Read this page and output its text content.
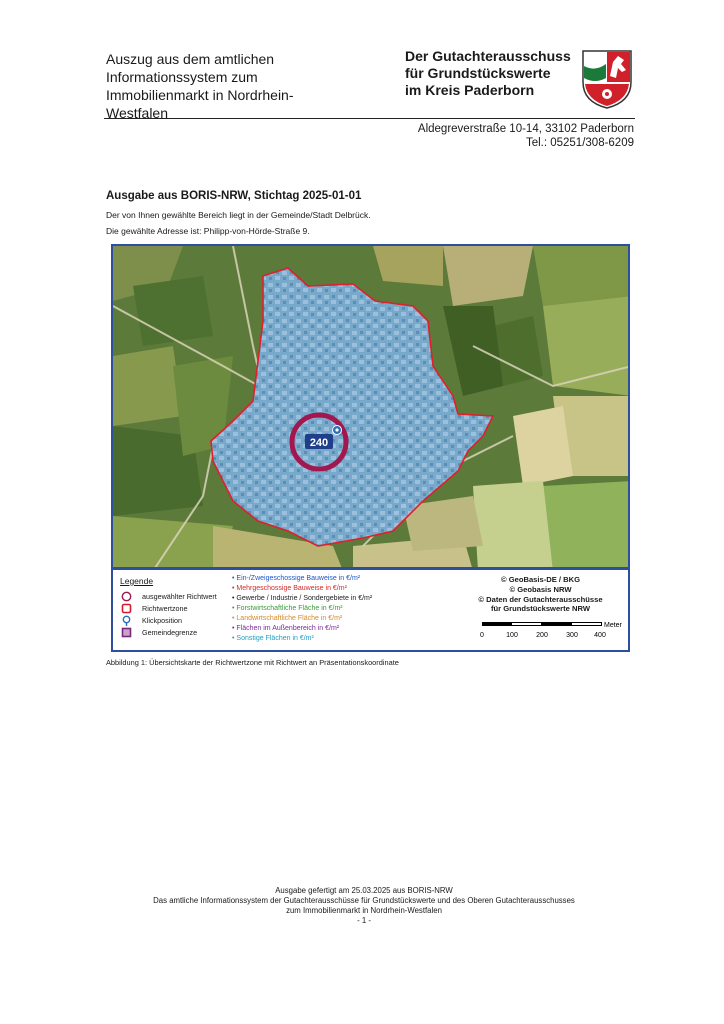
Auszug aus dem amtlichen
Informationssystem zum
Immobilienmarkt in Nordrhein-
Westfalen
Der Gutachterausschuss
für Grundstückswerte
im Kreis Paderborn
Aldegreverstraße 10-14, 33102 Paderborn
Tel.: 05251/308-6209
Ausgabe aus BORIS-NRW, Stichtag 2025-01-01
Der von Ihnen gewählte Bereich liegt in der Gemeinde/Stadt Delbrück.
Die gewählte Adresse ist: Philipp-von-Hörde-Straße 9.
240
Legende
ausgewählter Richtwert
Richtwertzone
Klickposition
Gemeindegrenze
• Ein-/Zweigeschossige Bauweise in €/m²
• Mehrgeschossige Bauweise in €/m²
• Gewerbe / Industrie / Sondergebiete in €/m²
• Forstwirtschaftliche Fläche in €/m²
• Landwirtschaftliche Fläche in €/m²
• Flächen im Außenbereich in €/m²
• Sonstige Flächen in €/m²
© GeoBasis-DE / BKG
© Geobasis NRW
© Daten der Gutachterausschüsse
für Grundstückswerte NRW
Meter
0	100	200	300 400
Abbildung 1: Übersichtskarte der Richtwertzone mit Richtwert an Präsentationskoordinate
Ausgabe gefertigt am 25.03.2025 aus BORIS-NRW
Das amtliche Informationssystem der Gutachterausschüsse für Grundstückswerte und des Oberen Gutachterausschusses
zum Immobilienmarkt in Nordrhein-Westfalen
- 1 -
